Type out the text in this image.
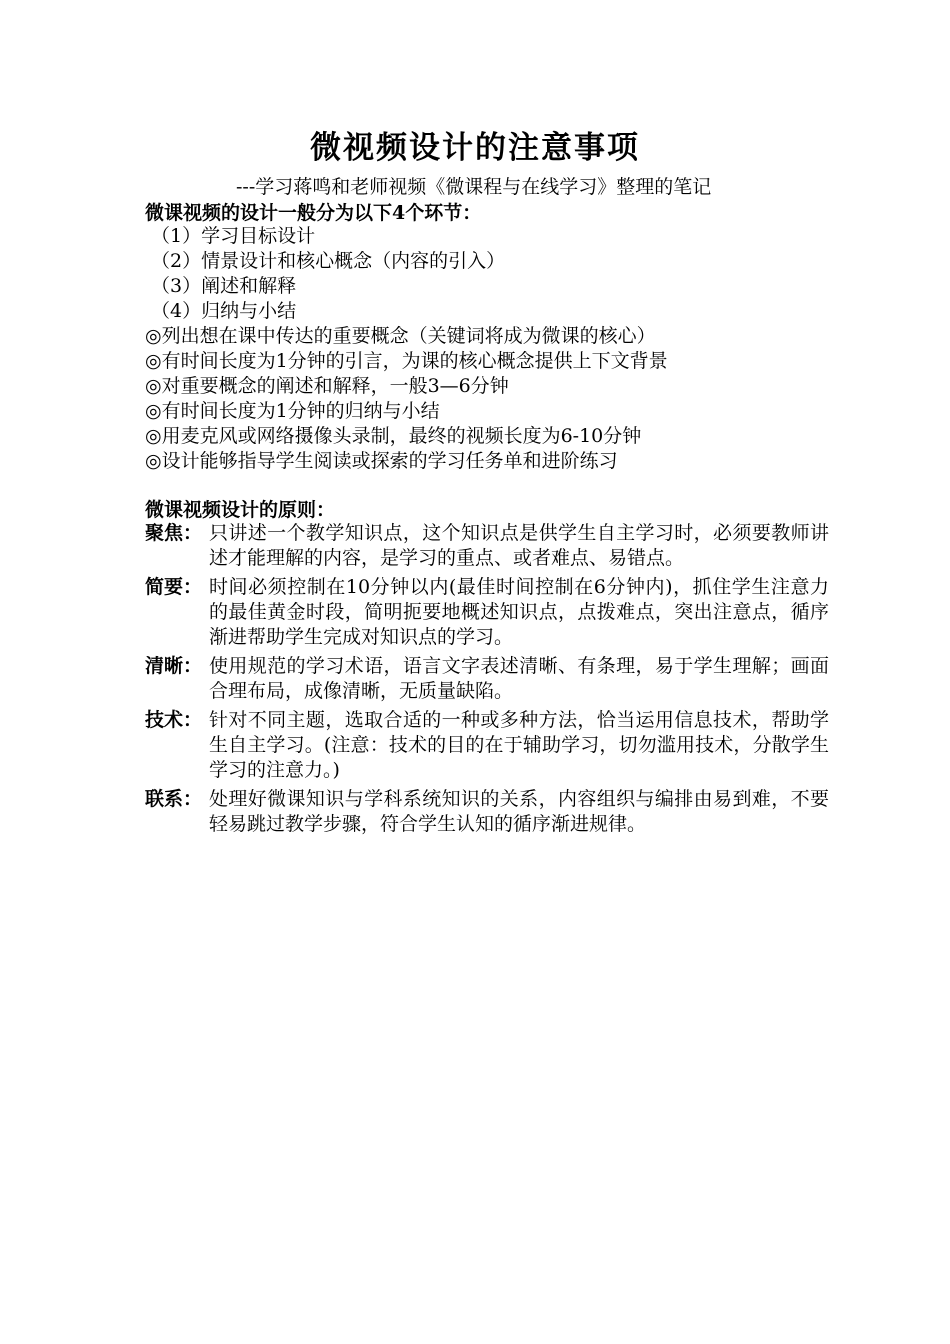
微视频设计的注意事项
---学习蒋鸣和老师视频《微课程与在线学习》整理的笔记
微课视频的设计一般分为以下4个环节：
（1）学习目标设计
（2）情景设计和核心概念（内容的引入）
（3）阐述和解释
（4）归纳与小结
◎列出想在课中传达的重要概念（关键词将成为微课的核心）
◎有时间长度为1分钟的引言，为课的核心概念提供上下文背景
◎对重要概念的阐述和解释，一般3—6分钟
◎有时间长度为1分钟的归纳与小结
◎用麦克风或网络摄像头录制，最终的视频长度为6-10分钟
◎设计能够指导学生阅读或探索的学习任务单和进阶练习
微课视频设计的原则：
聚焦： 只讲述一个教学知识点，这个知识点是供学生自主学习时，必须要教师讲述才能理解的内容，是学习的重点、或者难点、易错点。
简要： 时间必须控制在10分钟以内(最佳时间控制在6分钟内)，抓住学生注意力的最佳黄金时段，简明扼要地概述知识点，点拨难点，突出注意点，循序渐进帮助学生完成对知识点的学习。
清晰： 使用规范的学习术语，语言文字表述清晰、有条理，易于学生理解；画面合理布局，成像清晰，无质量缺陷。
技术： 针对不同主题，选取合适的一种或多种方法，恰当运用信息技术，帮助学生自主学习。(注意：技术的目的在于辅助学习，切勿滥用技术，分散学生学习的注意力。)
联系： 处理好微课知识与学科系统知识的关系，内容组织与编排由易到难，不要轻易跳过教学步骤，符合学生认知的循序渐进规律。
